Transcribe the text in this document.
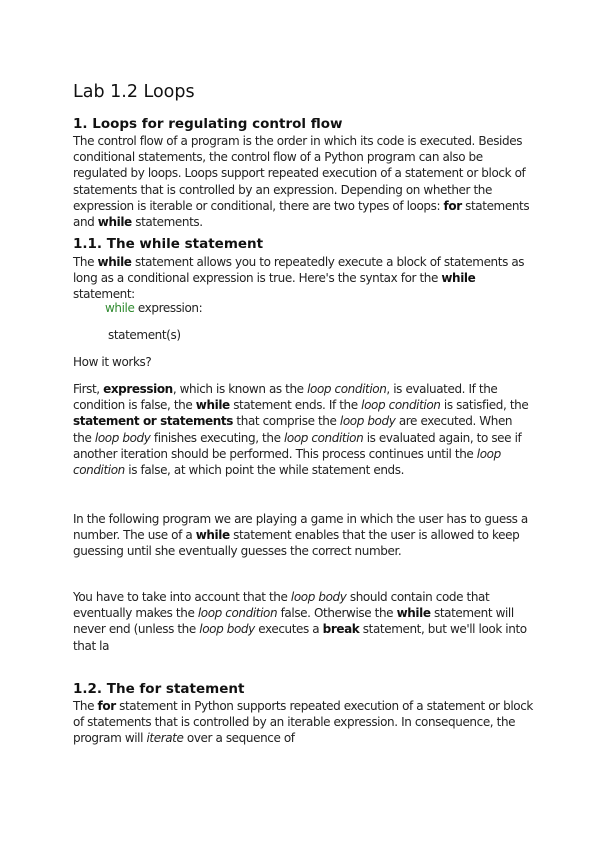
Lab 1.2 Loops
1. Loops for regulating control flow

The control flow of a program is the order in which its code is executed. Besides conditional statements, the control flow of a Python program can also be regulated by loops. Loops support repeated execution of a statement or block of statements that is controlled by an expression. Depending on whether the expression is iterable or conditional, there are two types of loops: for statements and while statements.

1.1. The while statement

The while statement allows you to repeatedly execute a block of statements as long as a conditional expression is true. Here's the syntax for the while statement:

while expression:
statement(s)

How it works?

First, expression, which is known as the loop condition, is evaluated. If the condition is false, the while statement ends. If the loop condition is satisfied, the statement or statements that comprise the loop body are executed. When the loop body finishes executing, the loop condition is evaluated again, to see if another iteration should be performed. This process continues until the loop condition is false, at which point the while statement ends.

In the following program we are playing a game in which the user has to guess a number. The use of a while statement enables that the user is allowed to keep guessing until she eventually guesses the correct number.

You have to take into account that the loop body should contain code that eventually makes the loop condition false. Otherwise the while statement will never end (unless the loop body executes a break statement, but we'll look into that la

1.2. The for statement

The for statement in Python supports repeated execution of a statement or block of statements that is controlled by an iterable expression. In consequence, the program will iterate over a sequence of
